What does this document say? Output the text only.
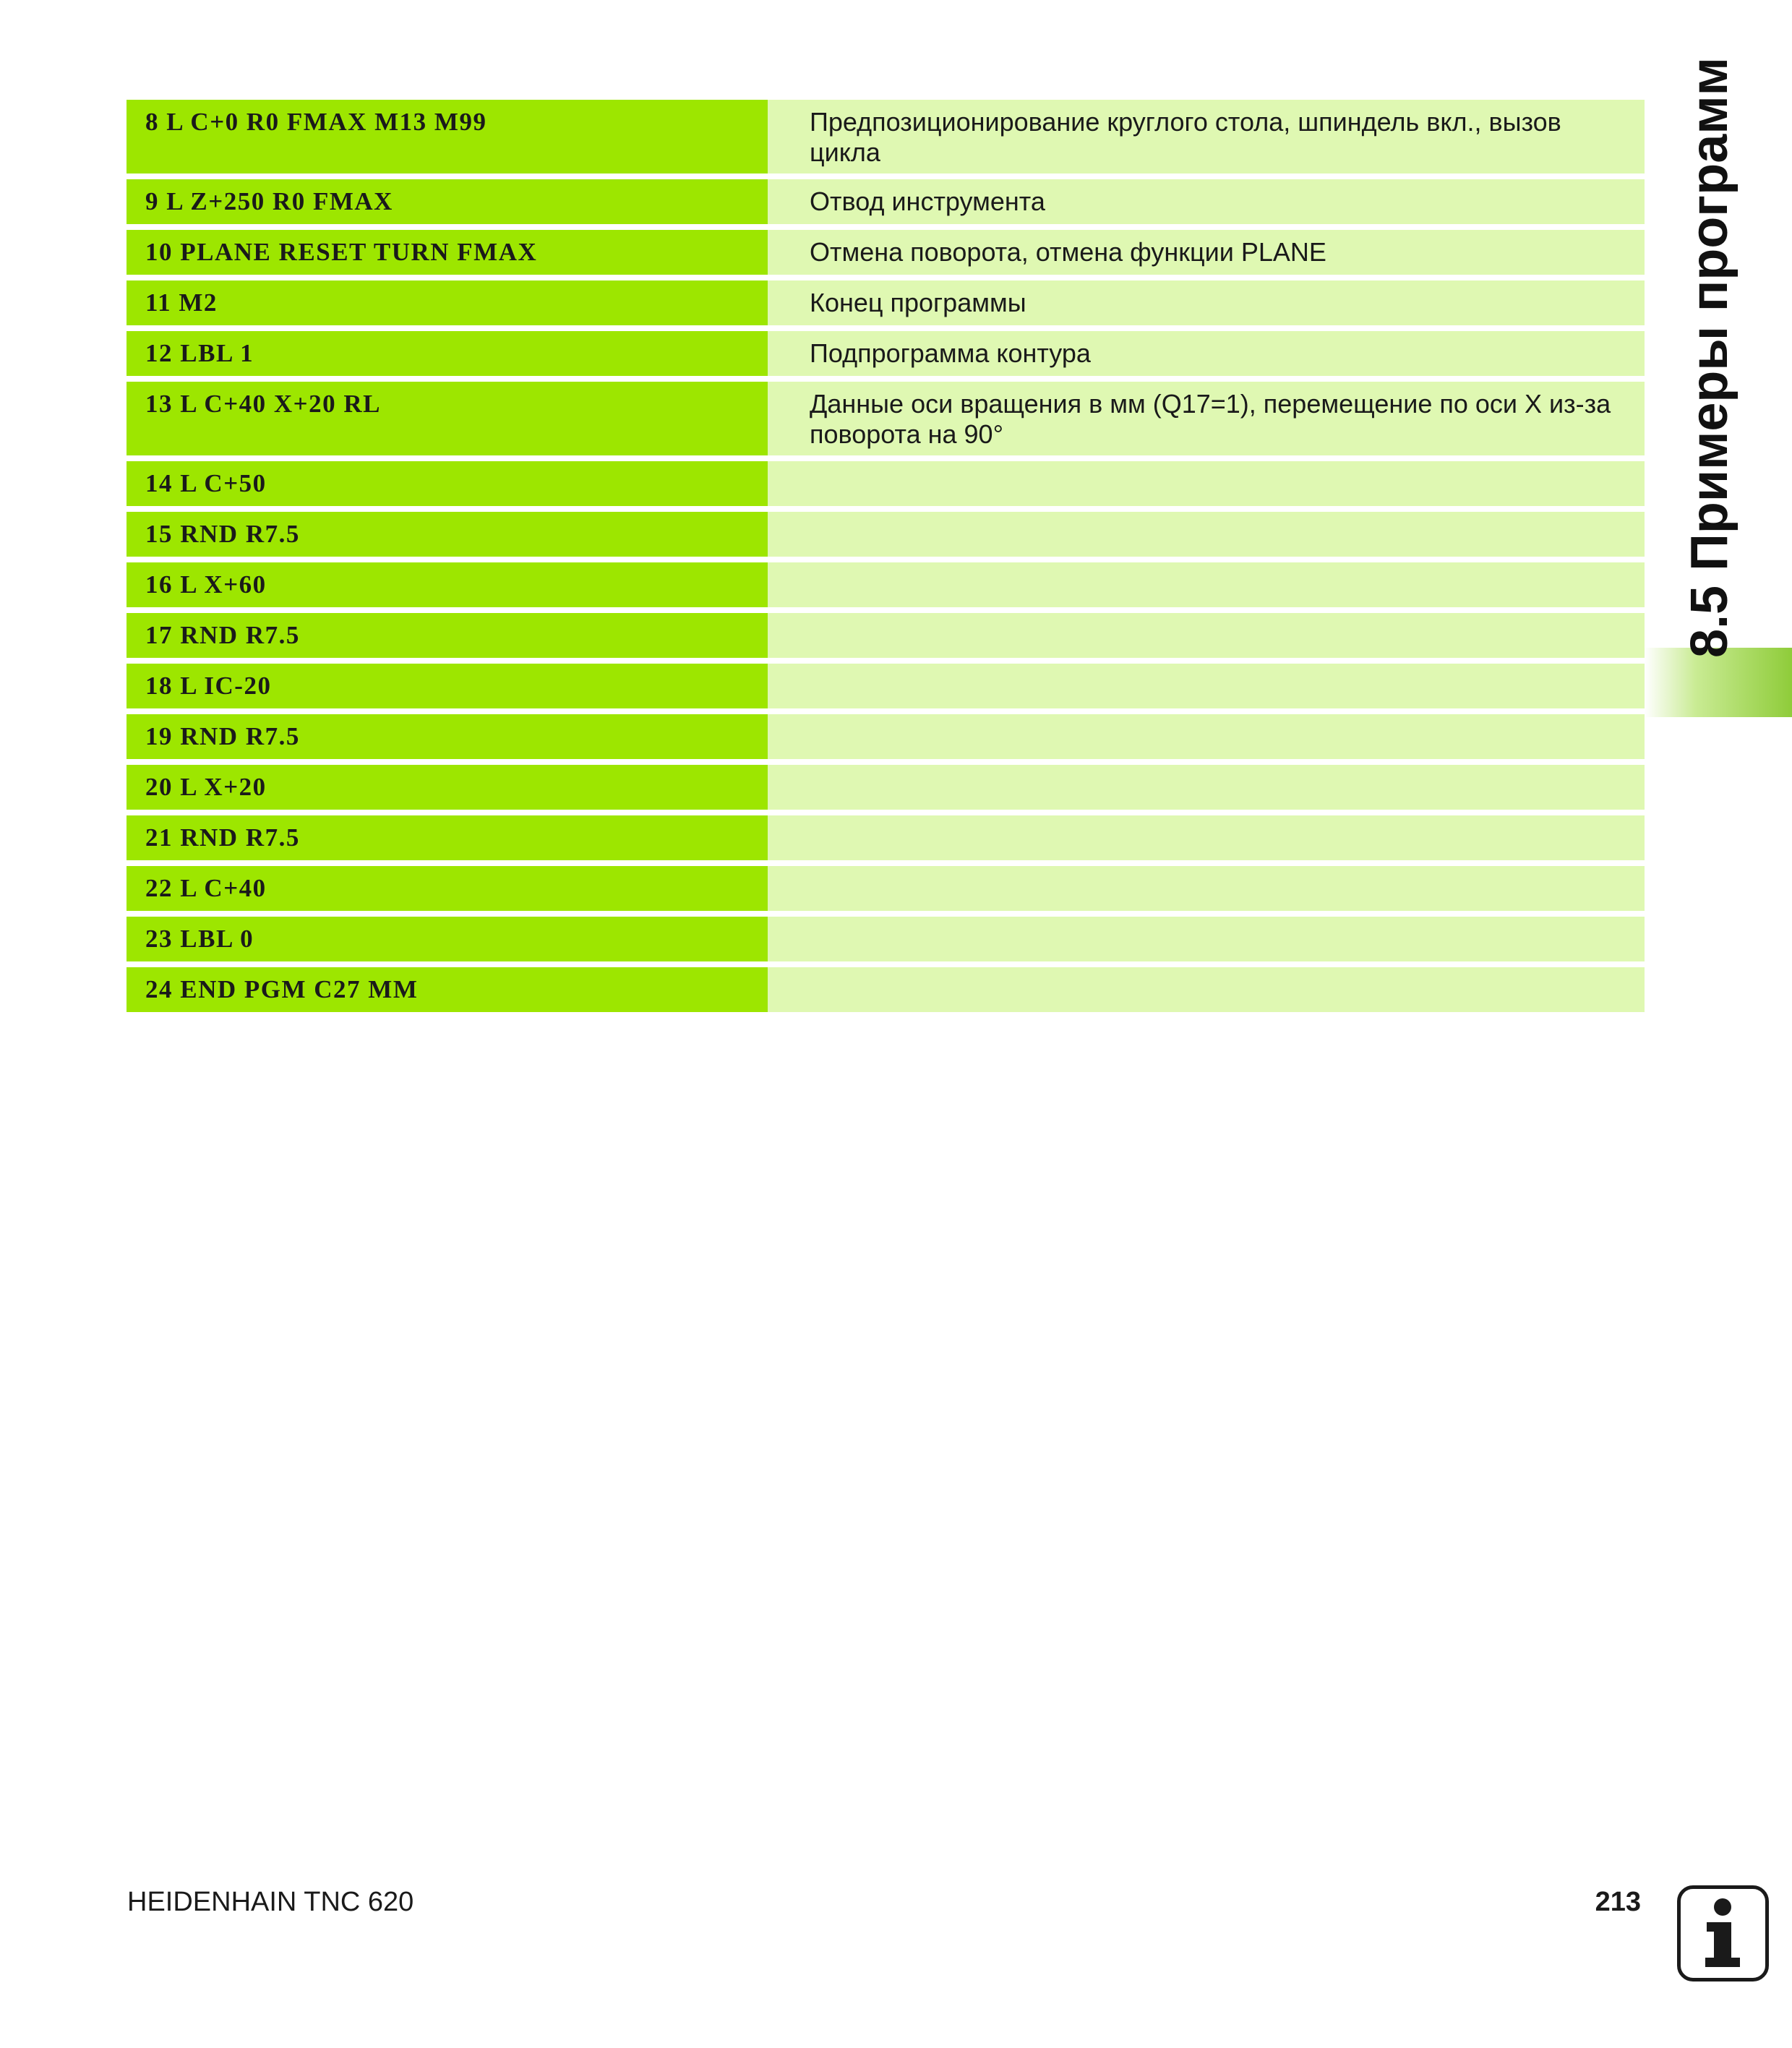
8 L C+0 R0 FMAX M13 M99	Предпозиционирование круглого стола, шпиндель вкл., вызов цикла
9 L Z+250 R0 FMAX	Отвод инструмента
10 PLANE RESET TURN FMAX	Отмена поворота, отмена функции PLANE
11 M2	Конец программы
12 LBL 1	Подпрограмма контура
13 L C+40 X+20 RL	Данные оси вращения в мм (Q17=1), перемещение по оси X из-за поворота на 90°
14 L C+50	
15 RND R7.5	
16 L X+60	
17 RND R7.5	
18 L IC-20	
19 RND R7.5	
20 L X+20	
21 RND R7.5	
22 L C+40	
23 LBL 0	
24 END PGM C27 MM	
8.5 Примеры программ
HEIDENHAIN TNC 620	213
